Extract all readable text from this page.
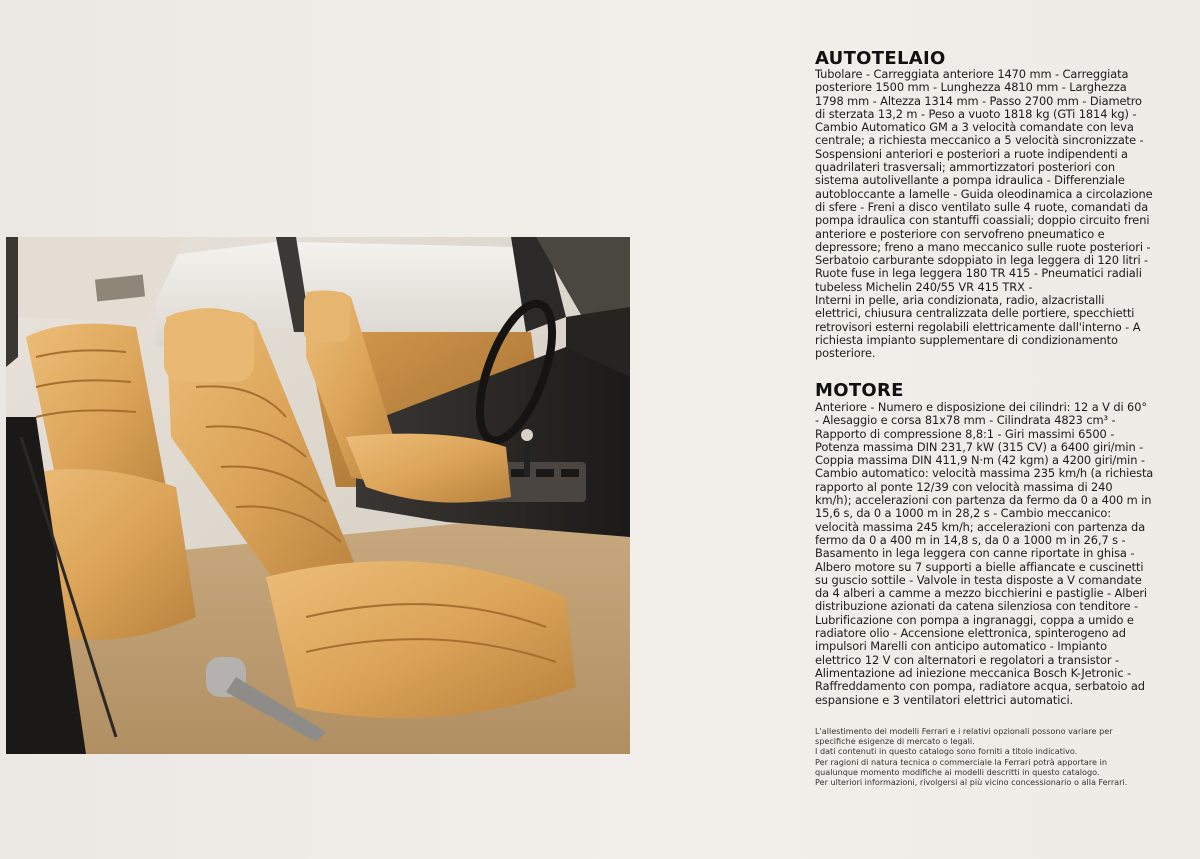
AUTOTELAIO
Tubolare - Carreggiata anteriore 1470 mm - Carreggiata
posteriore 1500 mm - Lunghezza 4810 mm - Larghezza
1798 mm - Altezza 1314 mm - Passo 2700 mm - Diametro
di sterzata 13,2 m - Peso a vuoto 1818 kg (GTi 1814 kg) -
Cambio Automatico GM a 3 velocità comandate con leva
centrale; a richiesta meccanico a 5 velocità sincronizzate -
Sospensioni anteriori e posteriori a ruote indipendenti a
quadrilateri trasversali; ammortizzatori posteriori con
sistema autolivellante a pompa idraulica - Differenziale
autobloccante a lamelle - Guida oleodinamica a circolazione
di sfere - Freni a disco ventilato sulle 4 ruote, comandati da
pompa idraulica con stantuffi coassiali; doppio circuito freni
anteriore e posteriore con servofreno pneumatico e
depressore; freno a mano meccanico sulle ruote posteriori -
Serbatoio carburante sdoppiato in lega leggera di 120 litri -
Ruote fuse in lega leggera 180 TR 415 - Pneumatici radiali
tubeless Michelin 240/55 VR 415 TRX -
Interni in pelle, aria condizionata, radio, alzacristalli
elettrici, chiusura centralizzata delle portiere, specchietti
retrovisori esterni regolabili elettricamente dall'interno - A
richiesta impianto supplementare di condizionamento
posteriore.
MOTORE
Anteriore - Numero e disposizione dei cilindri: 12 a V di 60°
- Alesaggio e corsa 81x78 mm - Cilindrata 4823 cm³ -
Rapporto di compressione 8,8:1 - Giri massimi 6500 -
Potenza massima DIN 231,7 kW (315 CV) a 6400 giri/min -
Coppia massima DIN 411,9 N·m (42 kgm) a 4200 giri/min -
Cambio automatico: velocità massima 235 km/h (a richiesta
rapporto al ponte 12/39 con velocità massima di 240
km/h); accelerazioni con partenza da fermo da 0 a 400 m in
15,6 s, da 0 a 1000 m in 28,2 s - Cambio meccanico:
velocità massima 245 km/h; accelerazioni con partenza da
fermo da 0 a 400 m in 14,8 s, da 0 a 1000 m in 26,7 s -
Basamento in lega leggera con canne riportate in ghisa -
Albero motore su 7 supporti a bielle affiancate e cuscinetti
su guscio sottile - Valvole in testa disposte a V comandate
da 4 alberi a camme a mezzo bicchierini e pastiglie - Alberi
distribuzione azionati da catena silenziosa con tenditore -
Lubrificazione con pompa a ingranaggi, coppa a umido e
radiatore olio - Accensione elettronica, spinterogeno ad
impulsori Marelli con anticipo automatico - Impianto
elettrico 12 V con alternatori e regolatori a transistor -
Alimentazione ad iniezione meccanica Bosch K-Jetronic -
Raffreddamento con pompa, radiatore acqua, serbatoio ad
espansione e 3 ventilatori elettrici automatici.
L'allestimento dei modelli Ferrari e i relativi opzionali possono variare per
specifiche esigenze di mercato o legali.
I dati contenuti in questo catalogo sono forniti a titolo indicativo.
Per ragioni di natura tecnica o commerciale la Ferrari potrà apportare in
qualunque momento modifiche ai modelli descritti in questo catalogo.
Per ulteriori informazioni, rivolgersi al più vicino concessionario o alla Ferrari.
